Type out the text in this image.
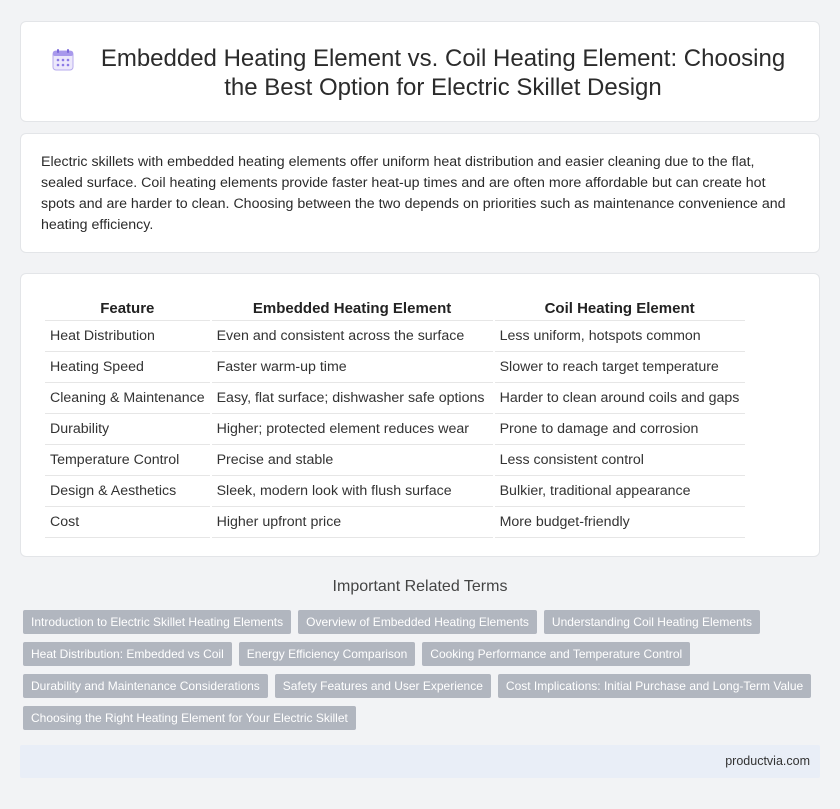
Embedded Heating Element vs. Coil Heating Element: Choosing the Best Option for Electric Skillet Design

Electric skillets with embedded heating elements offer uniform heat distribution and easier cleaning due to the flat, sealed surface. Coil heating elements provide faster heat-up times and are often more affordable but can create hot spots and are harder to clean. Choosing between the two depends on priorities such as maintenance convenience and heating efficiency.

Feature	Embedded Heating Element	Coil Heating Element
Heat Distribution	Even and consistent across the surface	Less uniform, hotspots common
Heating Speed	Faster warm-up time	Slower to reach target temperature
Cleaning & Maintenance	Easy, flat surface; dishwasher safe options	Harder to clean around coils and gaps
Durability	Higher; protected element reduces wear	Prone to damage and corrosion
Temperature Control	Precise and stable	Less consistent control
Design & Aesthetics	Sleek, modern look with flush surface	Bulkier, traditional appearance
Cost	Higher upfront price	More budget-friendly
Important Related Terms
Introduction to Electric Skillet Heating Elements	Overview of Embedded Heating Elements	Understanding Coil Heating Elements
Heat Distribution: Embedded vs Coil	Energy Efficiency Comparison	Cooking Performance and Temperature Control
Durability and Maintenance Considerations	Safety Features and User Experience	Cost Implications: Initial Purchase and Long-Term Value
Choosing the Right Heating Element for Your Electric Skillet
productvia.com
